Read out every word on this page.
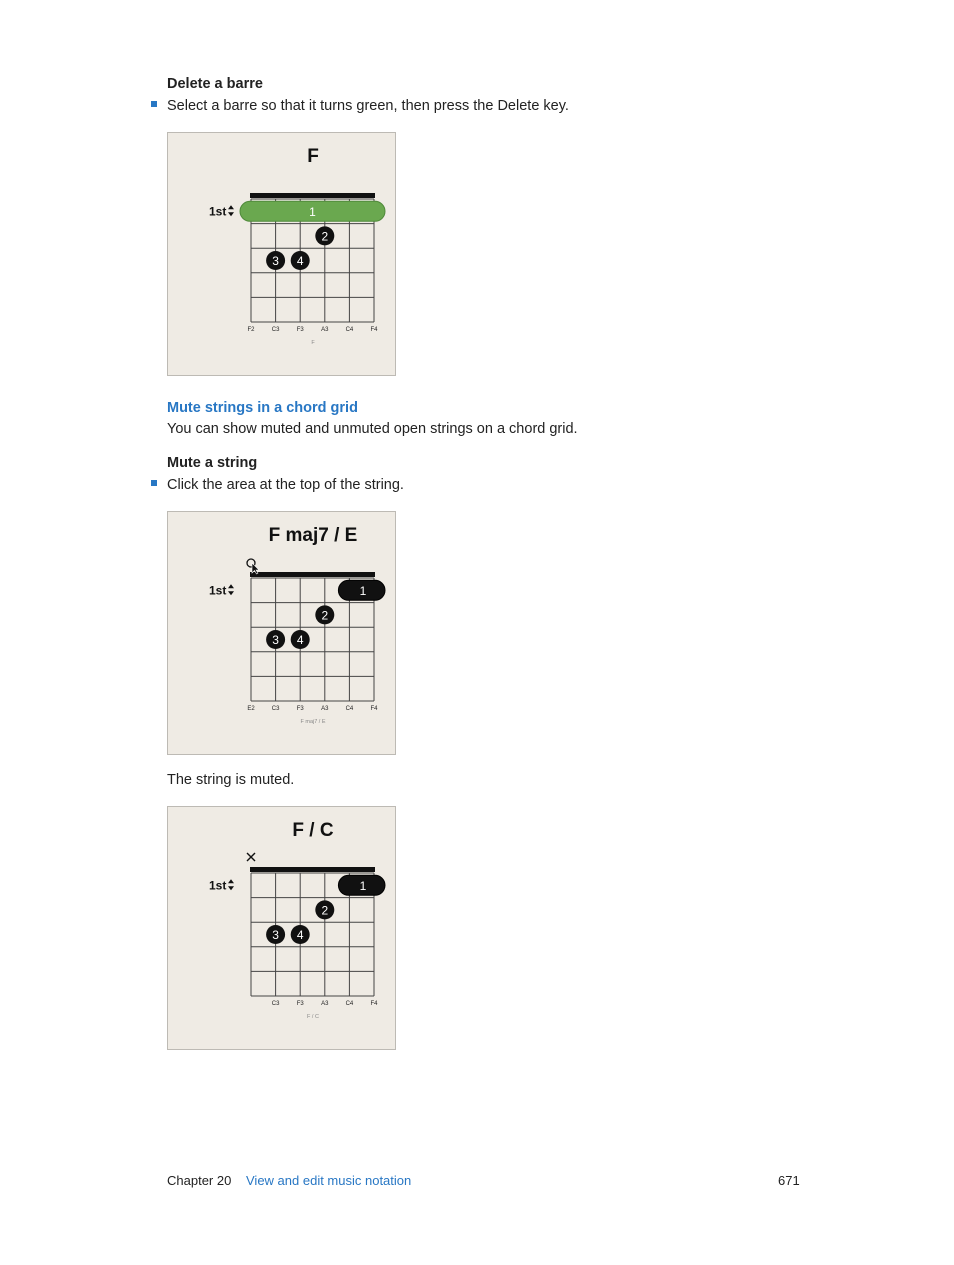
Delete a barre
Select a barre so that it turns green, then press the Delete key.
F
1st	1
2
3 4
F2	C3	F3	A3	C4	F4
F
Mute strings in a chord grid
You can show muted and unmuted open strings on a chord grid.
Mute a string
Click the area at the top of the string.
F maj7 / E
1st	1
2
3 4
E2	C3	F3	A3	C4	F4
F maj7 / E
The string is muted.
F / C
1st	1
2
3 4
C3	F3	A3	C4	F4
F / C
Chapter 20 View and edit music notation	671
